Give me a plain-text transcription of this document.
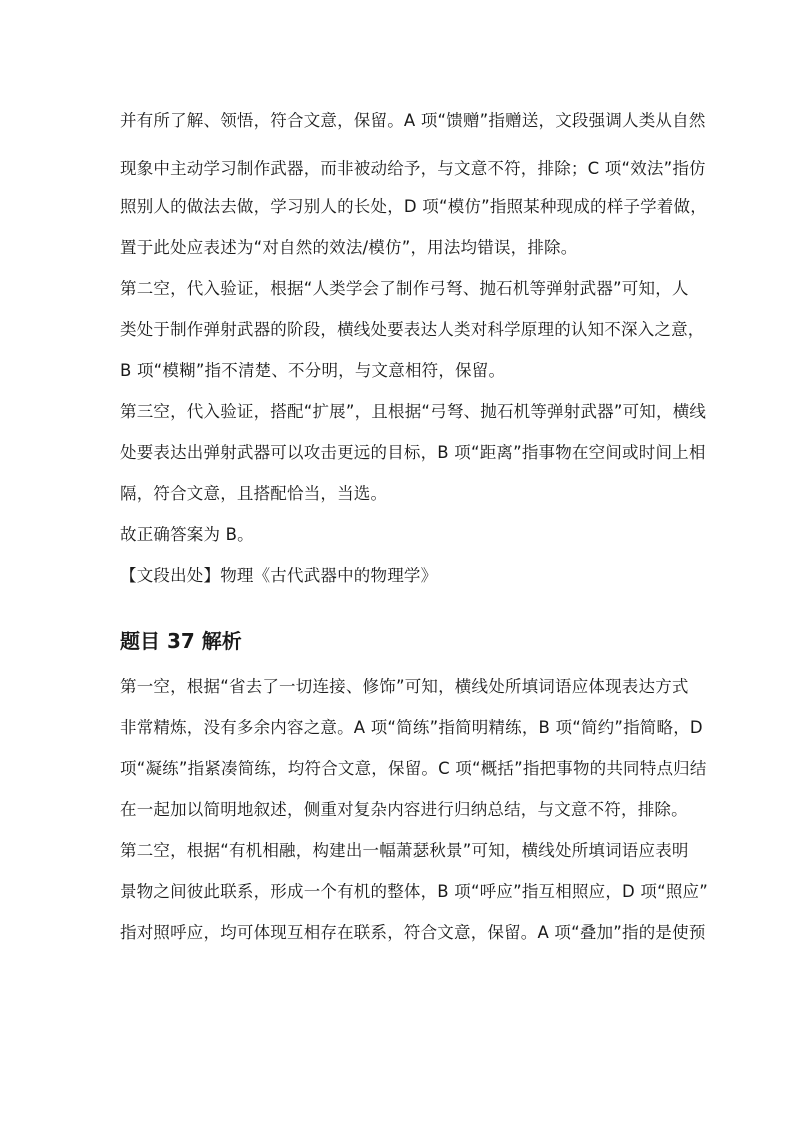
并有所了解、领悟，符合文意，保留。A 项“馈赠”指赠送，文段强调人类从自然
现象中主动学习制作武器，而非被动给予，与文意不符，排除；C 项“效法”指仿
照别人的做法去做，学习别人的长处，D 项“模仿”指照某种现成的样子学着做，
置于此处应表述为“对自然的效法/模仿”，用法均错误，排除。
第二空，代入验证，根据“人类学会了制作弓弩、抛石机等弹射武器”可知，人
类处于制作弹射武器的阶段，横线处要表达人类对科学原理的认知不深入之意，
B 项“模糊”指不清楚、不分明，与文意相符，保留。
第三空，代入验证，搭配“扩展”，且根据“弓弩、抛石机等弹射武器”可知，横线
处要表达出弹射武器可以攻击更远的目标，B 项“距离”指事物在空间或时间上相
隔，符合文意，且搭配恰当，当选。
故正确答案为 B。
【文段出处】物理《古代武器中的物理学》
题目 37 解析
第一空，根据“省去了一切连接、修饰”可知，横线处所填词语应体现表达方式
非常精炼，没有多余内容之意。A 项“简练”指简明精练，B 项“简约”指简略，D
项“凝练”指紧凑简练，均符合文意，保留。C 项“概括”指把事物的共同特点归结
在一起加以简明地叙述，侧重对复杂内容进行归纳总结，与文意不符，排除。
第二空，根据“有机相融，构建出一幅萧瑟秋景”可知，横线处所填词语应表明
景物之间彼此联系，形成一个有机的整体，B 项“呼应”指互相照应，D 项“照应”
指对照呼应，均可体现互相存在联系，符合文意，保留。A 项“叠加”指的是使预
